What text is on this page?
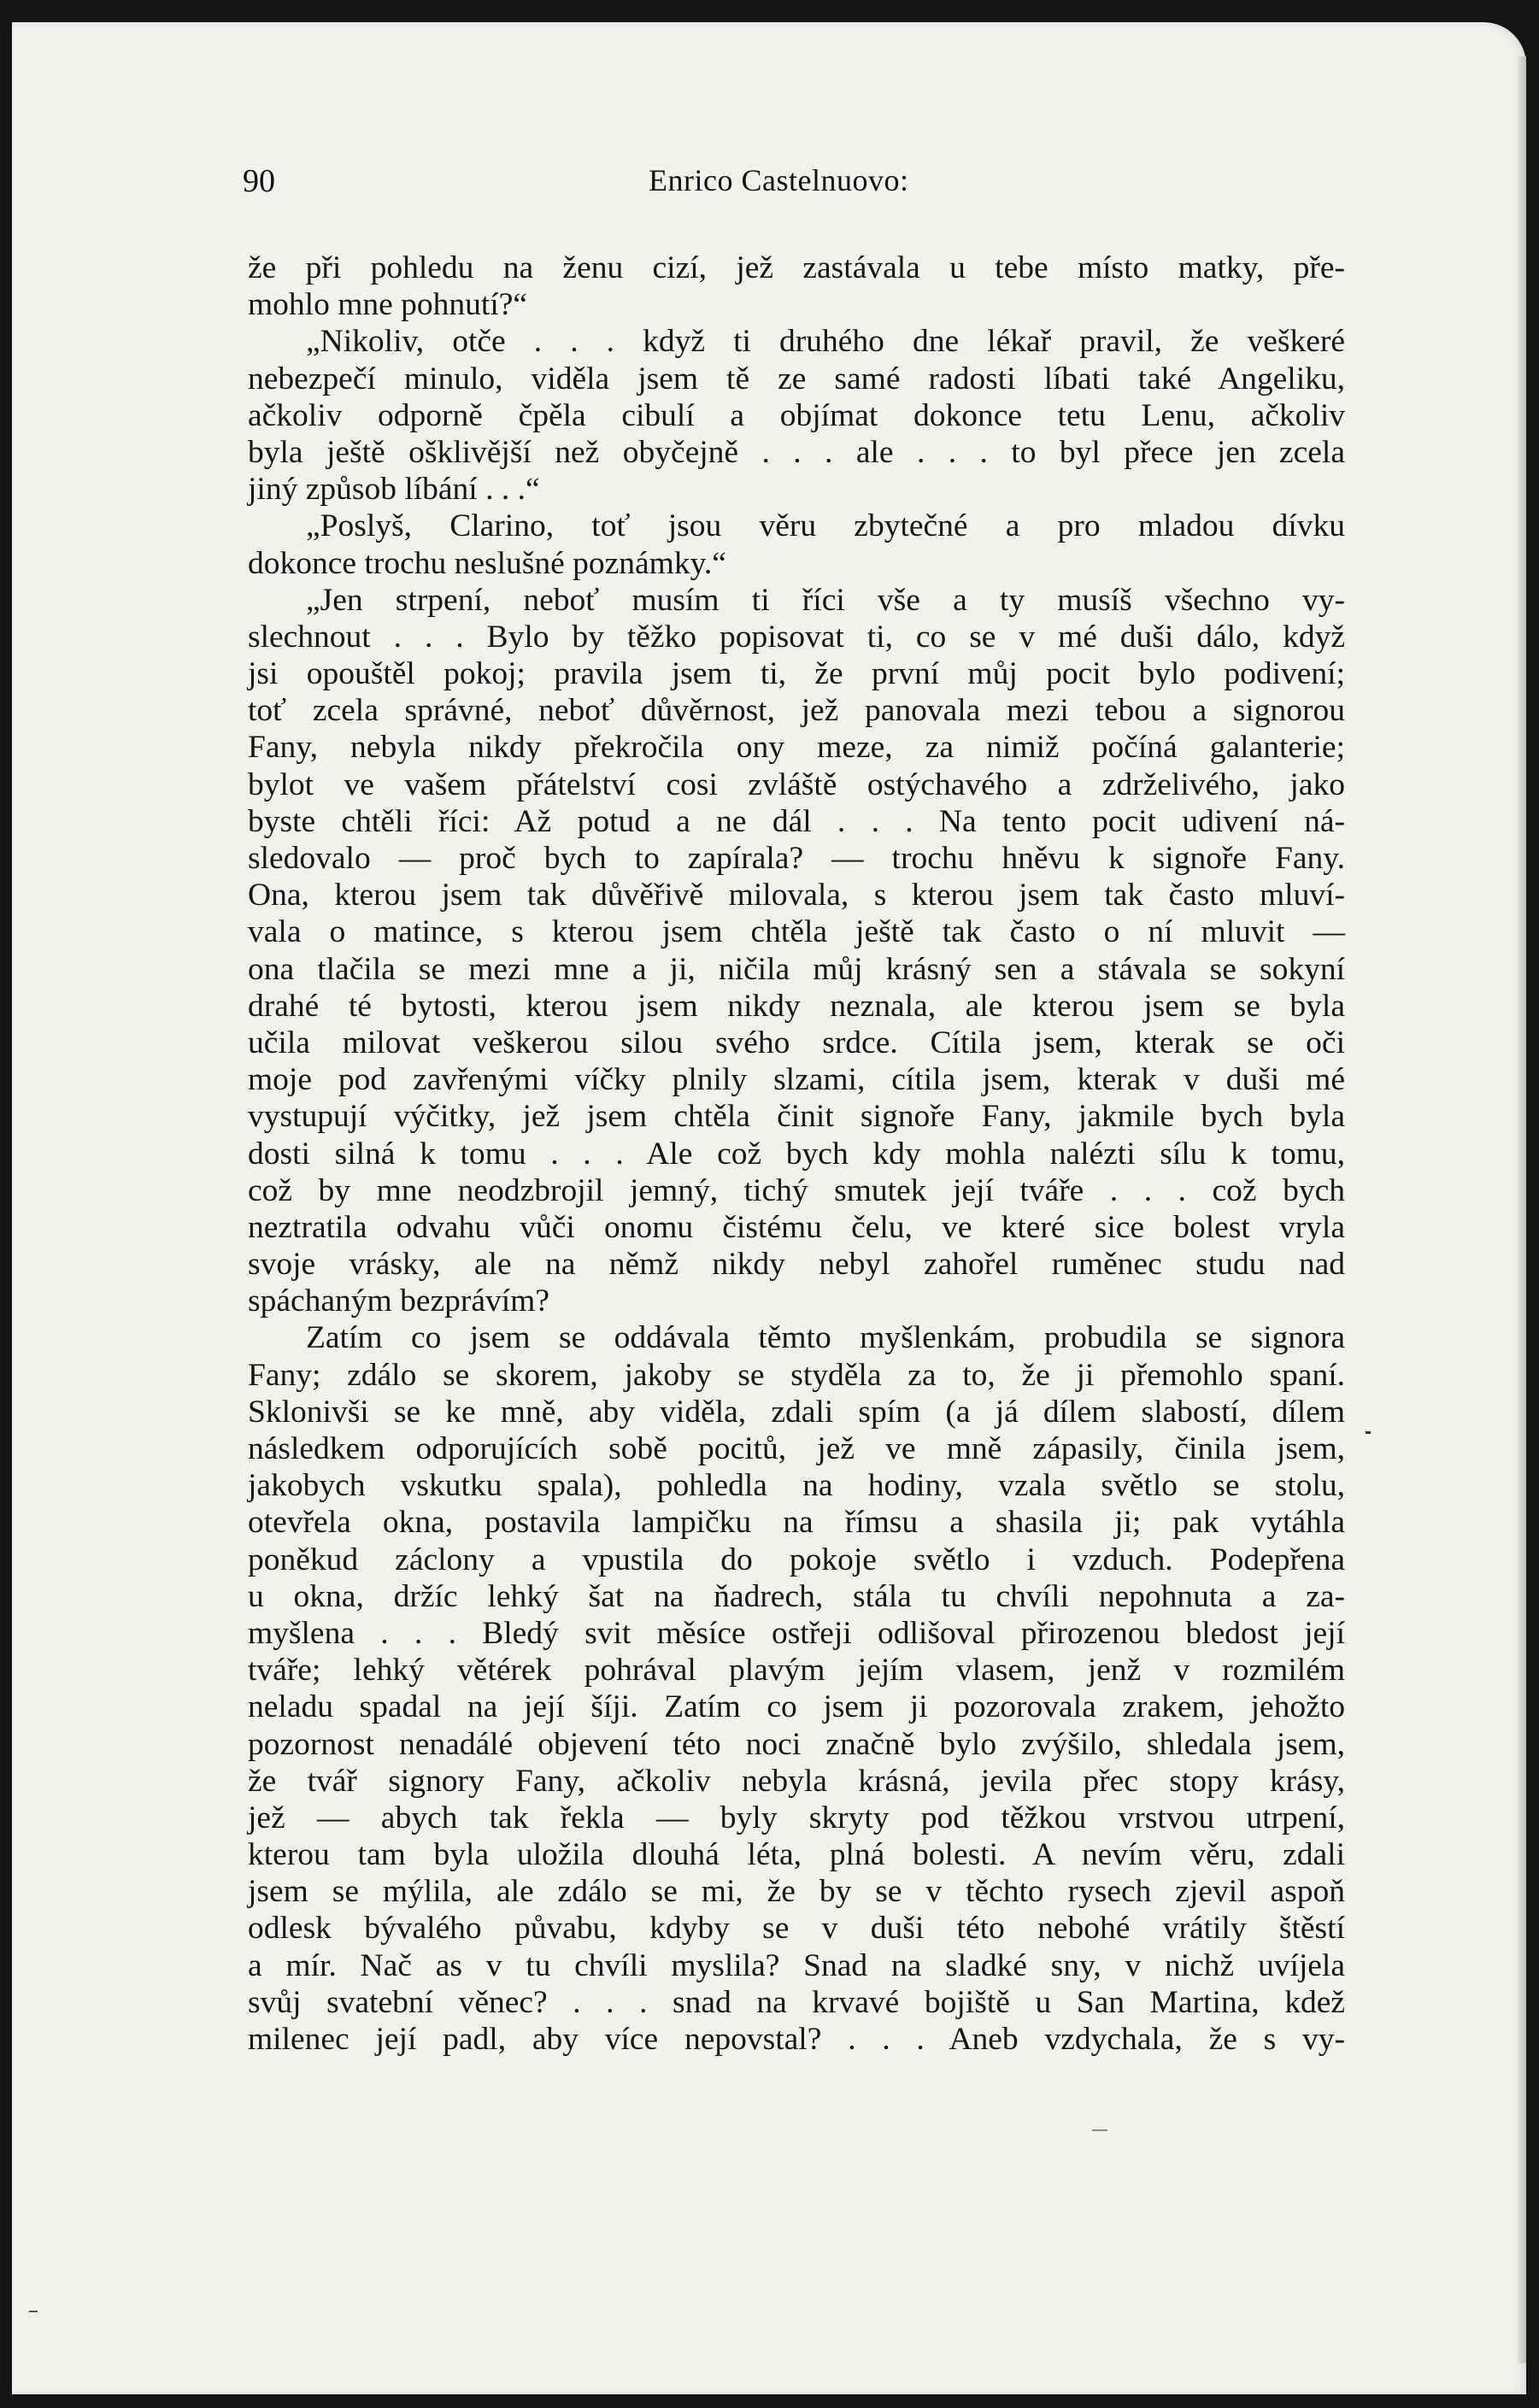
90	Enrico Castelnuovo:
že při pohledu na ženu cizí, jež zastávala u tebe místo matky, pře-
mohlo mne pohnutí?“
„Nikoliv, otče . . . když ti druhého dne lékař pravil, že veškeré
nebezpečí minulo, viděla jsem tě ze samé radosti líbati také Angeliku,
ačkoliv odporně čpěla cibulí a objímat dokonce tetu Lenu, ačkoliv
byla ještě ošklivější než obyčejně . . . ale . . . to byl přece jen zcela
jiný způsob líbání . . .“
„Poslyš, Clarino, toť jsou věru zbytečné a pro mladou dívku
dokonce trochu neslušné poznámky.“
„Jen strpení, neboť musím ti říci vše a ty musíš všechno vy-
slechnout . . . Bylo by těžko popisovat ti, co se v mé duši dálo, když
jsi opouštěl pokoj; pravila jsem ti, že první můj pocit bylo podivení;
toť zcela správné, neboť důvěrnost, jež panovala mezi tebou a signorou
Fany, nebyla nikdy překročila ony meze, za nimiž počíná galanterie;
bylot ve vašem přátelství cosi zvláště ostýchavého a zdrželivého, jako
byste chtěli říci: Až potud a ne dál . . . Na tento pocit udivení ná-
sledovalo — proč bych to zapírala? — trochu hněvu k signoře Fany.
Ona, kterou jsem tak důvěřivě milovala, s kterou jsem tak často mluví-
vala o matince, s kterou jsem chtěla ještě tak často o ní mluvit —
ona tlačila se mezi mne a ji, ničila můj krásný sen a stávala se sokyní
drahé té bytosti, kterou jsem nikdy neznala, ale kterou jsem se byla
učila milovat veškerou silou svého srdce. Cítila jsem, kterak se oči
moje pod zavřenými víčky plnily slzami, cítila jsem, kterak v duši mé
vystupují výčitky, jež jsem chtěla činit signoře Fany, jakmile bych byla
dosti silná k tomu . . . Ale což bych kdy mohla nalézti sílu k tomu,
což by mne neodzbrojil jemný, tichý smutek její tváře . . . což bych
neztratila odvahu vůči onomu čistému čelu, ve které sice bolest vryla
svoje vrásky, ale na němž nikdy nebyl zahořel ruměnec studu nad
spáchaným bezprávím?
Zatím co jsem se oddávala těmto myšlenkám, probudila se signora
Fany; zdálo se skorem, jakoby se styděla za to, že ji přemohlo spaní.
Sklonivši se ke mně, aby viděla, zdali spím (a já dílem slabostí, dílem
následkem odporujících sobě pocitů, jež ve mně zápasily, činila jsem,
jakobych vskutku spala), pohledla na hodiny, vzala světlo se stolu,
otevřela okna, postavila lampičku na římsu a shasila ji; pak vytáhla
poněkud záclony a vpustila do pokoje světlo i vzduch. Podepřena
u okna, držíc lehký šat na ňadrech, stála tu chvíli nepohnuta a za-
myšlena . . . Bledý svit měsíce ostřeji odlišoval přirozenou bledost její
tváře; lehký větérek pohrával plavým jejím vlasem, jenž v rozmilém
neladu spadal na její šíji. Zatím co jsem ji pozorovala zrakem, jehožto
pozornost nenadálé objevení této noci značně bylo zvýšilo, shledala jsem,
že tvář signory Fany, ačkoliv nebyla krásná, jevila přec stopy krásy,
jež — abych tak řekla — byly skryty pod těžkou vrstvou utrpení,
kterou tam byla uložila dlouhá léta, plná bolesti. A nevím věru, zdali
jsem se mýlila, ale zdálo se mi, že by se v těchto rysech zjevil aspoň
odlesk bývalého půvabu, kdyby se v duši této nebohé vrátily štěstí
a mír. Nač as v tu chvíli myslila? Snad na sladké sny, v nichž uvíjela
svůj svatební věnec? . . . snad na krvavé bojiště u San Martina, kdež
milenec její padl, aby více nepovstal? . . . Aneb vzdychala, že s vy-
